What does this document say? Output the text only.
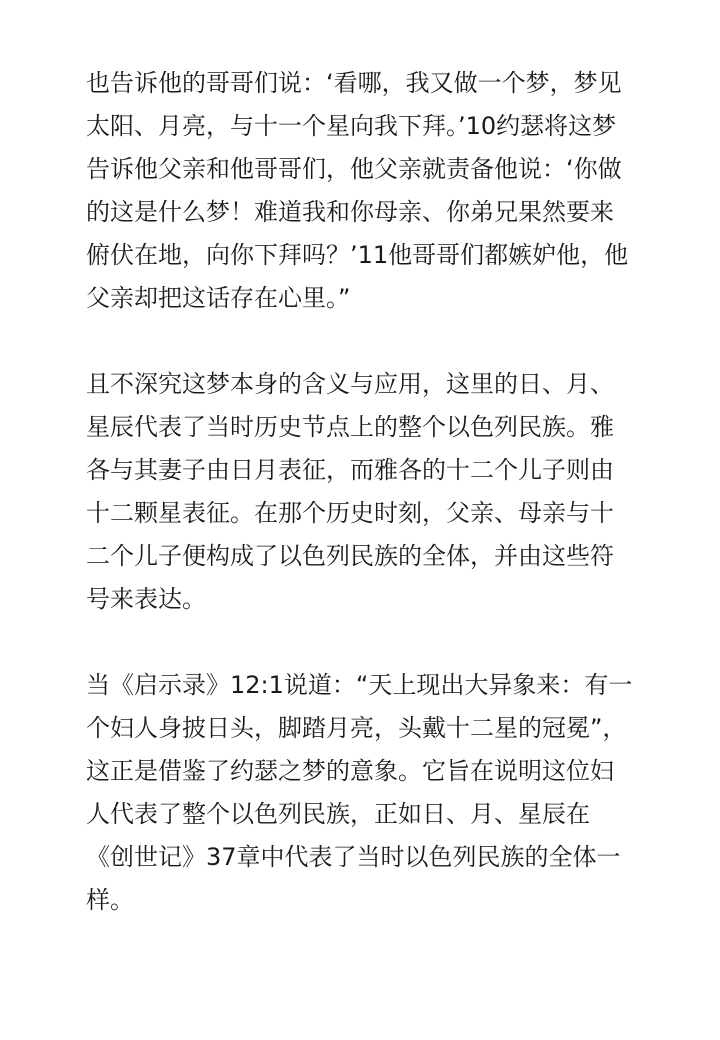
也告诉他的哥哥们说：‘看哪，我又做一个梦，梦见
太阳、月亮，与十一个星向我下拜。’10约瑟将这梦
告诉他父亲和他哥哥们，他父亲就责备他说：‘你做
的这是什么梦！难道我和你母亲、你弟兄果然要来
俯伏在地，向你下拜吗？’11他哥哥们都嫉妒他，他
父亲却把这话存在心里。”
且不深究这梦本身的含义与应用，这里的日、月、
星辰代表了当时历史节点上的整个以色列民族。雅
各与其妻子由日月表征，而雅各的十二个儿子则由
十二颗星表征。在那个历史时刻，父亲、母亲与十
二个儿子便构成了以色列民族的全体，并由这些符
号来表达。
当《启示录》12:1说道：“天上现出大异象来：有一
个妇人身披日头，脚踏月亮，头戴十二星的冠冕”，
这正是借鉴了约瑟之梦的意象。它旨在说明这位妇
人代表了整个以色列民族，正如日、月、星辰在
《创世记》37章中代表了当时以色列民族的全体一
样。
